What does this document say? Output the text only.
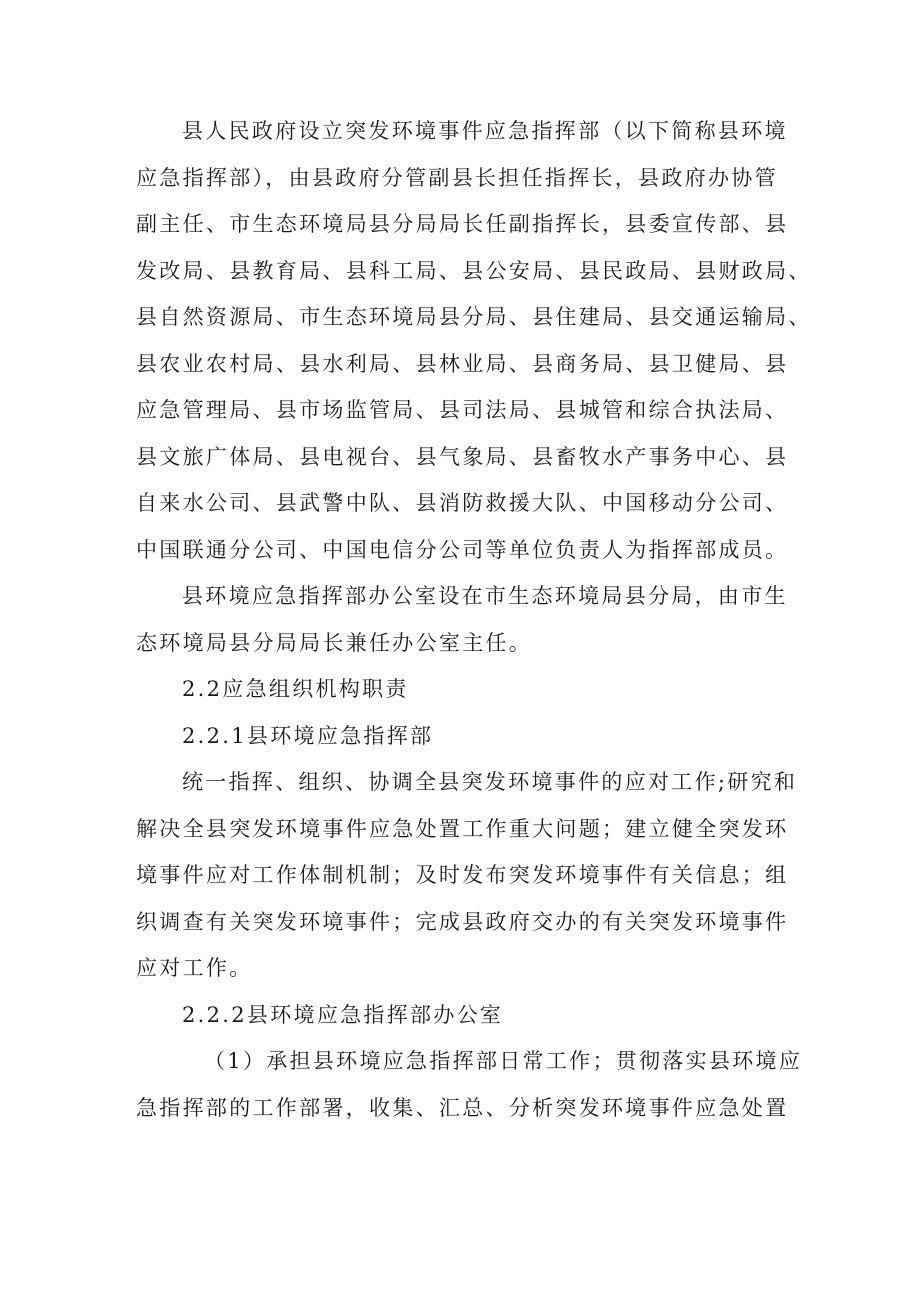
县人民政府设立突发环境事件应急指挥部（以下简称县环境
应急指挥部），由县政府分管副县长担任指挥长，县政府办协管
副主任、市生态环境局县分局局长任副指挥长，县委宣传部、县
发改局、县教育局、县科工局、县公安局、县民政局、县财政局、
县自然资源局、市生态环境局县分局、县住建局、县交通运输局、
县农业农村局、县水利局、县林业局、县商务局、县卫健局、县
应急管理局、县市场监管局、县司法局、县城管和综合执法局、
县文旅广体局、县电视台、县气象局、县畜牧水产事务中心、县
自来水公司、县武警中队、县消防救援大队、中国移动分公司、
中国联通分公司、中国电信分公司等单位负责人为指挥部成员。
县环境应急指挥部办公室设在市生态环境局县分局，由市生
态环境局县分局局长兼任办公室主任。
2.2应急组织机构职责
2.2.1县环境应急指挥部
统一指挥、组织、协调全县突发环境事件的应对工作;研究和
解决全县突发环境事件应急处置工作重大问题；建立健全突发环
境事件应对工作体制机制；及时发布突发环境事件有关信息；组
织调查有关突发环境事件；完成县政府交办的有关突发环境事件
应对工作。
2.2.2县环境应急指挥部办公室
（1）承担县环境应急指挥部日常工作；贯彻落实县环境应
急指挥部的工作部署，收集、汇总、分析突发环境事件应急处置
